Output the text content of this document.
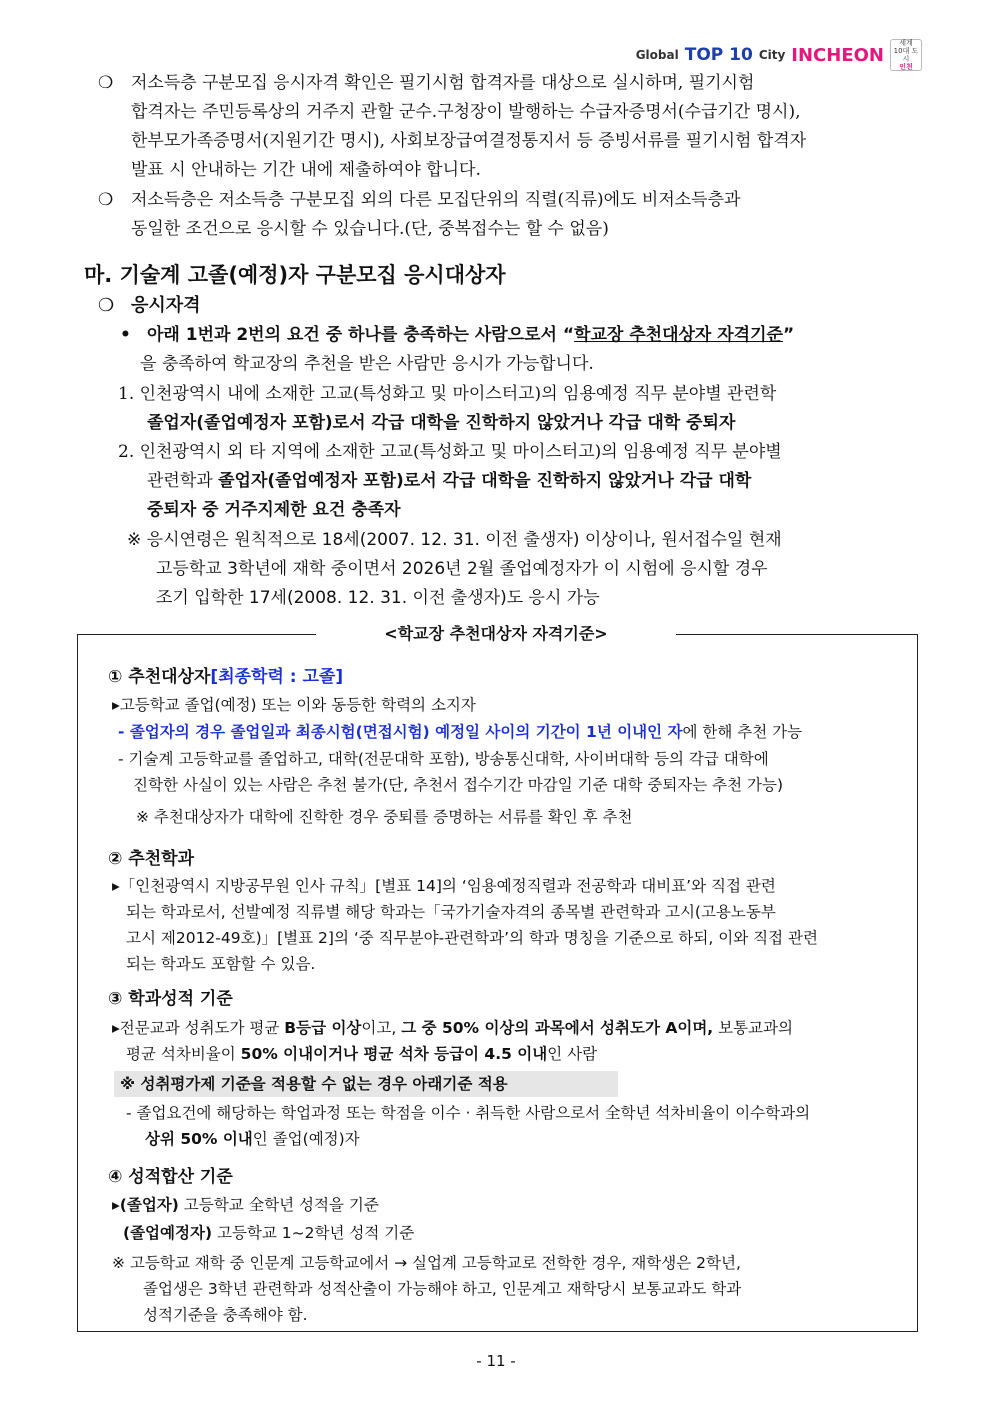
Global TOP 10 City INCHEON
세계
10대 도시
인천
❍ 저소득층 구분모집 응시자격 확인은 필기시험 합격자를 대상으로 실시하며, 필기시험
합격자는 주민등록상의 거주지 관할 군수.구청장이 발행하는 수급자증명서(수급기간 명시),
한부모가족증명서(지원기간 명시), 사회보장급여결정통지서 등 증빙서류를 필기시험 합격자
발표 시 안내하는 기간 내에 제출하여야 합니다.
❍ 저소득층은 저소득층 구분모집 외의 다른 모집단위의 직렬(직류)에도 비저소득층과
동일한 조건으로 응시할 수 있습니다.(단, 중복접수는 할 수 없음)
마. 기술계 고졸(예정)자 구분모집 응시대상자
❍ 응시자격
• 아래 1번과 2번의 요건 중 하나를 충족하는 사람으로서 “학교장 추천대상자 자격기준”
을 충족하여 학교장의 추천을 받은 사람만 응시가 가능합니다.
1. 인천광역시 내에 소재한 고교(특성화고 및 마이스터고)의 임용예정 직무 분야별 관련학
졸업자(졸업예정자 포함)로서 각급 대학을 진학하지 않았거나 각급 대학 중퇴자
2. 인천광역시 외 타 지역에 소재한 고교(특성화고 및 마이스터고)의 임용예정 직무 분야별
관련학과 졸업자(졸업예정자 포함)로서 각급 대학을 진학하지 않았거나 각급 대학
중퇴자 중 거주지제한 요건 충족자
※ 응시연령은 원칙적으로 18세(2007. 12. 31. 이전 출생자) 이상이나, 원서접수일 현재
고등학교 3학년에 재학 중이면서 2026년 2월 졸업예정자가 이 시험에 응시할 경우
조기 입학한 17세(2008. 12. 31. 이전 출생자)도 응시 가능
<학교장 추천대상자 자격기준>
① 추천대상자[최종학력 : 고졸]
▸고등학교 졸업(예정) 또는 이와 동등한 학력의 소지자
- 졸업자의 경우 졸업일과 최종시험(면접시험) 예정일 사이의 기간이 1년 이내인 자에 한해 추천 가능
- 기술계 고등학교를 졸업하고, 대학(전문대학 포함), 방송통신대학, 사이버대학 등의 각급 대학에
진학한 사실이 있는 사람은 추천 불가(단, 추천서 접수기간 마감일 기준 대학 중퇴자는 추천 가능)
※ 추천대상자가 대학에 진학한 경우 중퇴를 증명하는 서류를 확인 후 추천
② 추천학과
▸「인천광역시 지방공무원 인사 규칙」[별표 14]의 ‘임용예정직렬과 전공학과 대비표’와 직접 관련
되는 학과로서, 선발예정 직류별 해당 학과는「국가기술자격의 종목별 관련학과 고시(고용노동부
고시 제2012-49호)」[별표 2]의 ‘중 직무분야-관련학과’의 학과 명칭을 기준으로 하되, 이와 직접 관련
되는 학과도 포함할 수 있음.
③ 학과성적 기준
▸전문교과 성취도가 평균 B등급 이상이고, 그 중 50% 이상의 과목에서 성취도가 A이며, 보통교과의
평균 석차비율이 50% 이내이거나 평균 석차 등급이 4.5 이내인 사람
※ 성취평가제 기준을 적용할 수 없는 경우 아래기준 적용
- 졸업요건에 해당하는 학업과정 또는 학점을 이수 · 취득한 사람으로서 全학년 석차비율이 이수학과의
상위 50% 이내인 졸업(예정)자
④ 성적합산 기준
▸(졸업자) 고등학교 全학년 성적을 기준
(졸업예정자) 고등학교 1~2학년 성적 기준
※ 고등학교 재학 중 인문계 고등학교에서 → 실업계 고등학교로 전학한 경우, 재학생은 2학년,
졸업생은 3학년 관련학과 성적산출이 가능해야 하고, 인문계고 재학당시 보통교과도 학과
성적기준을 충족해야 함.
- 11 -
